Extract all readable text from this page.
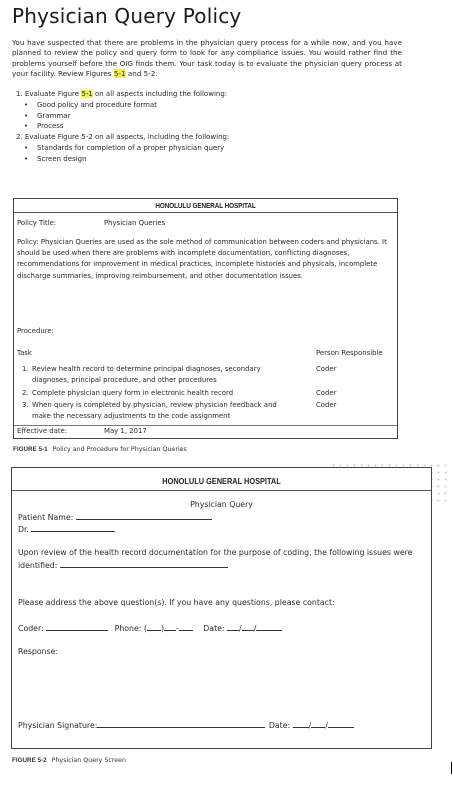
Physician Query Policy

You have suspected that there are problems in the physician query process for a while now, and you have planned to review the policy and query form to look for any compliance issues. You would rather find the problems yourself before the OIG finds them. Your task today is to evaluate the physician query process at your facility. Review Figures 5-1 and 5-2.

1. Evaluate Figure 5-1 on all aspects including the following:
• Good policy and procedure format
• Grammar
• Process
2. Evaluate Figure 5-2 on all aspects, including the following:
• Standards for completion of a proper physician query
• Screen design
HONOLULU GENERAL HOSPITAL
Policy Title:	Physician Queries

Policy: Physician Queries are used as the sole method of communication between coders and physicians. It should be used when there are problems with incomplete documentation, conflicting diagnoses, recommendations for improvement in medical practices, incomplete histories and physicals, incomplete discharge summaries, improving reimbursement, and other documentation issues.

Procedure:
Task	Person Responsible
1. Review health record to determine principal diagnoses, secondary
diagnoses, principal procedure, and other procedures
Coder
2. Complete physician query form in electronic health record	Coder
3. When query is completed by physician, review physician feedback and
make the necessary adjustments to the code assignment
Coder
Effective date:	May 1, 2017
FIGURE 5-1 Policy and Procedure for Physician Queries
HONOLULU GENERAL HOSPITAL
Physician Query
Patient Name:
Dr.
Upon review of the health record documentation for the purpose of coding, the following issues were
identified:
Please address the above question(s). If you have any questions, please contact:
Coder:	Phone: ( ) -	Date: / /
Response:
Physician Signature:	Date: / /
FIGURE 5-2 Physician Query Screen
